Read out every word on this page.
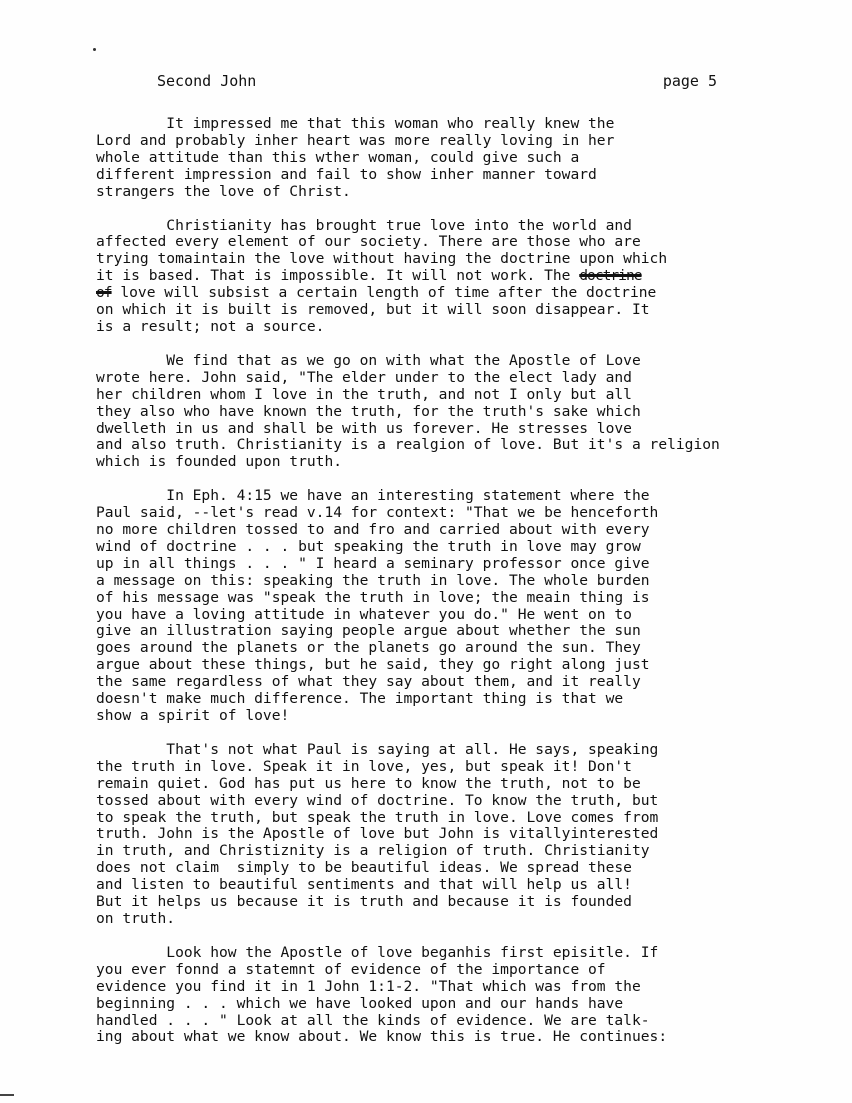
Second John	page 5
It impressed me that this woman who really knew the
Lord and probably inher heart was more really loving in her
whole attitude than this wther woman, could give such a
different impression and fail to show inher manner toward
strangers the love of Christ.
Christianity has brought true love into the world and
affected every element of our society. There are those who are
trying tomaintain the love without having the doctrine upon which
it is based. That is impossible. It will not work. The doctrine
of love will subsist a certain length of time after the doctrine
on which it is built is removed, but it will soon disappear. It
is a result; not a source.
We find that as we go on with what the Apostle of Love
wrote here. John said, "The elder under to the elect lady and
her children whom I love in the truth, and not I only but all
they also who have known the truth, for the truth's sake which
dwelleth in us and shall be with us forever. He stresses love
and also truth. Christianity is a realgion of love. But it's a religion
which is founded upon truth.
In Eph. 4:15 we have an interesting statement where the
Paul said, --let's read v.14 for context: "That we be henceforth
no more children tossed to and fro and carried about with every
wind of doctrine . . . but speaking the truth in love may grow
up in all things . . . " I heard a seminary professor once give
a message on this: speaking the truth in love. The whole burden
of his message was "speak the truth in love; the meain thing is
you have a loving attitude in whatever you do." He went on to
give an illustration saying people argue about whether the sun
goes around the planets or the planets go around the sun. They
argue about these things, but he said, they go right along just
the same regardless of what they say about them, and it really
doesn't make much difference. The important thing is that we
show a spirit of love!
That's not what Paul is saying at all. He says, speaking
the truth in love. Speak it in love, yes, but speak it! Don't
remain quiet. God has put us here to know the truth, not to be
tossed about with every wind of doctrine. To know the truth, but
to speak the truth, but speak the truth in love. Love comes from
truth. John is the Apostle of love but John is vitallyinterested
in truth, and Christiznity is a religion of truth. Christianity
does not claim  simply to be beautiful ideas. We spread these
and listen to beautiful sentiments and that will help us all!
But it helps us because it is truth and because it is founded
on truth.
Look how the Apostle of love beganhis first episitle. If
you ever fonnd a statemnt of evidence of the importance of
evidence you find it in 1 John 1:1-2. "That which was from the
beginning . . . which we have looked upon and our hands have
handled . . . " Look at all the kinds of evidence. We are talk-
ing about what we know about. We know this is true. He continues:
